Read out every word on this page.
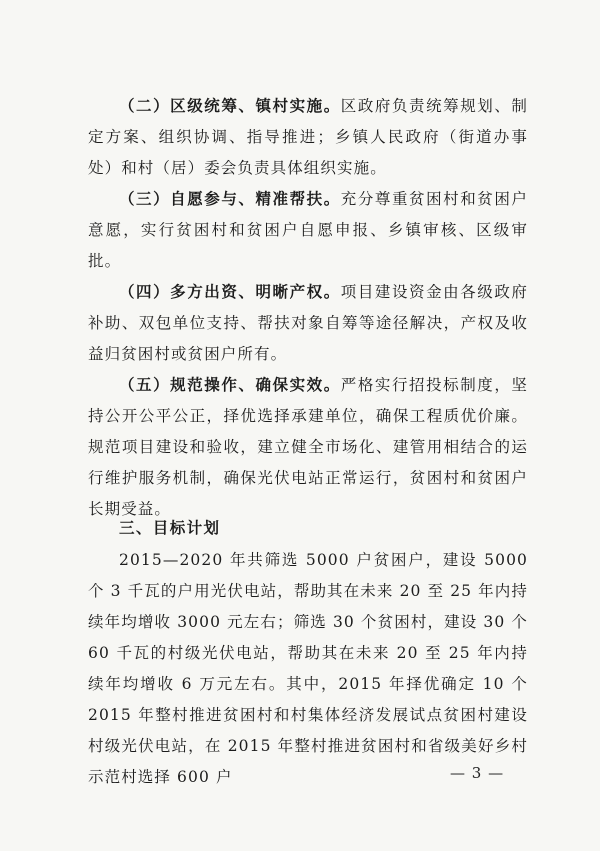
（二）区级统筹、镇村实施。区政府负责统筹规划、制定方案、组织协调、指导推进；乡镇人民政府（街道办事处）和村（居）委会负责具体组织实施。

（三）自愿参与、精准帮扶。充分尊重贫困村和贫困户意愿，实行贫困村和贫困户自愿申报、乡镇审核、区级审批。

（四）多方出资、明晰产权。项目建设资金由各级政府补助、双包单位支持、帮扶对象自筹等途径解决，产权及收益归贫困村或贫困户所有。

（五）规范操作、确保实效。严格实行招投标制度，坚持公开公平公正，择优选择承建单位，确保工程质优价廉。规范项目建设和验收，建立健全市场化、建管用相结合的运行维护服务机制，确保光伏电站正常运行，贫困村和贫困户长期受益。

三、目标计划

2015—2020 年共筛选 5000 户贫困户，建设 5000 个 3 千瓦的户用光伏电站，帮助其在未来 20 至 25 年内持续年均增收 3000 元左右；筛选 30 个贫困村，建设 30 个 60 千瓦的村级光伏电站，帮助其在未来 20 至 25 年内持续年均增收 6 万元左右。其中，2015 年择优确定 10 个 2015 年整村推进贫困村和村集体经济发展试点贫困村建设村级光伏电站，在 2015 年整村推进贫困村和省级美好乡村示范村选择 600 户	— 3 —
